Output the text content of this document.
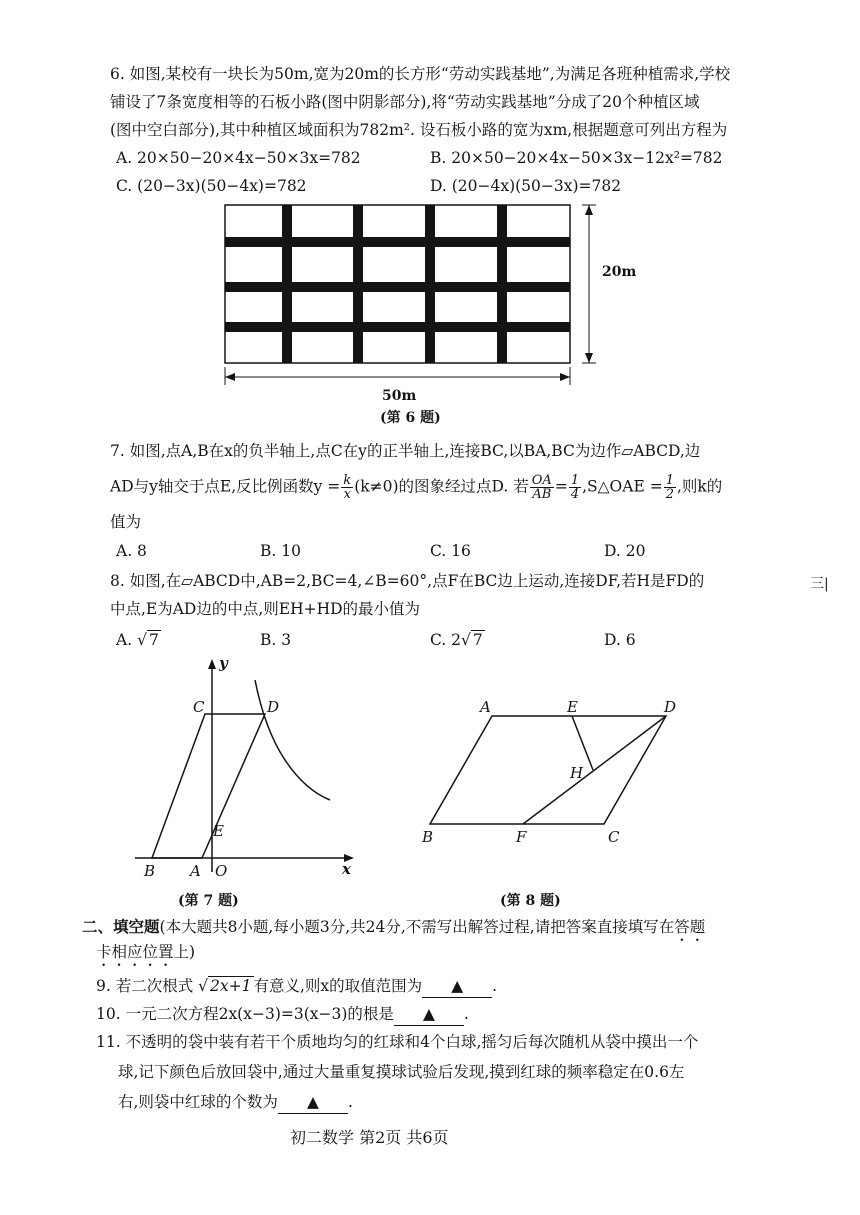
6. 如图,某校有一块长为50m,宽为20m的长方形“劳动实践基地”,为满足各班种植需求,学校
铺设了7条宽度相等的石板小路(图中阴影部分),将“劳动实践基地”分成了20个种植区域
(图中空白部分),其中种植区域面积为782m². 设石板小路的宽为xm,根据题意可列出方程为
A. 20×50−20×4x−50×3x=782	B. 20×50−20×4x−50×3x−12x²=782
C. (20−3x)(50−4x)=782	D. (20−4x)(50−3x)=782
20m
50m
(第 6 题)
7. 如图,点A,B在x的负半轴上,点C在y的正半轴上,连接BC,以BA,BC为边作▱ABCD,边
AD与y轴交于点E,反比例函数$y = \frac{k}{x} (k\ne 0)$的图象经过点D. 若 $\frac{OA}{AB} = \frac{1}{4}$ ,S△OAE = $\frac{1}{2}$ ,则k的
值为
A. 8	B. 10	C. 16	D. 20
8. 如图,在▱ABCD中,AB=2,BC=4,∠B=60°,点F在BC边上运动,连接DF,若H是FD的
中点,E为AD边的中点,则EH+HD的最小值为
A. √ 7	B. 3	C. 2√ 7	D. 6
三|
y
x
C	D
E
B A O
(第 7 题)
A	E	D
H
B	F	C
(第 8 题)
二、填空题(本大题共8小题,每小题3分,共24分,不需写出解答过程,请把答案直接填写在答题
卡相应位置上)
9. 若二次根式 √ 2x+1 有意义,则x的取值范围为 ▲ .
10. 一元二次方程2x(x−3)=3(x−3)的根是 ▲ .
11. 不透明的袋中装有若干个质地均匀的红球和4个白球,摇匀后每次随机从袋中摸出一个
球,记下颜色后放回袋中,通过大量重复摸球试验后发现,摸到红球的频率稳定在0.6左
右,则袋中红球的个数为 ▲ .
初二数学 第2页 共6页
